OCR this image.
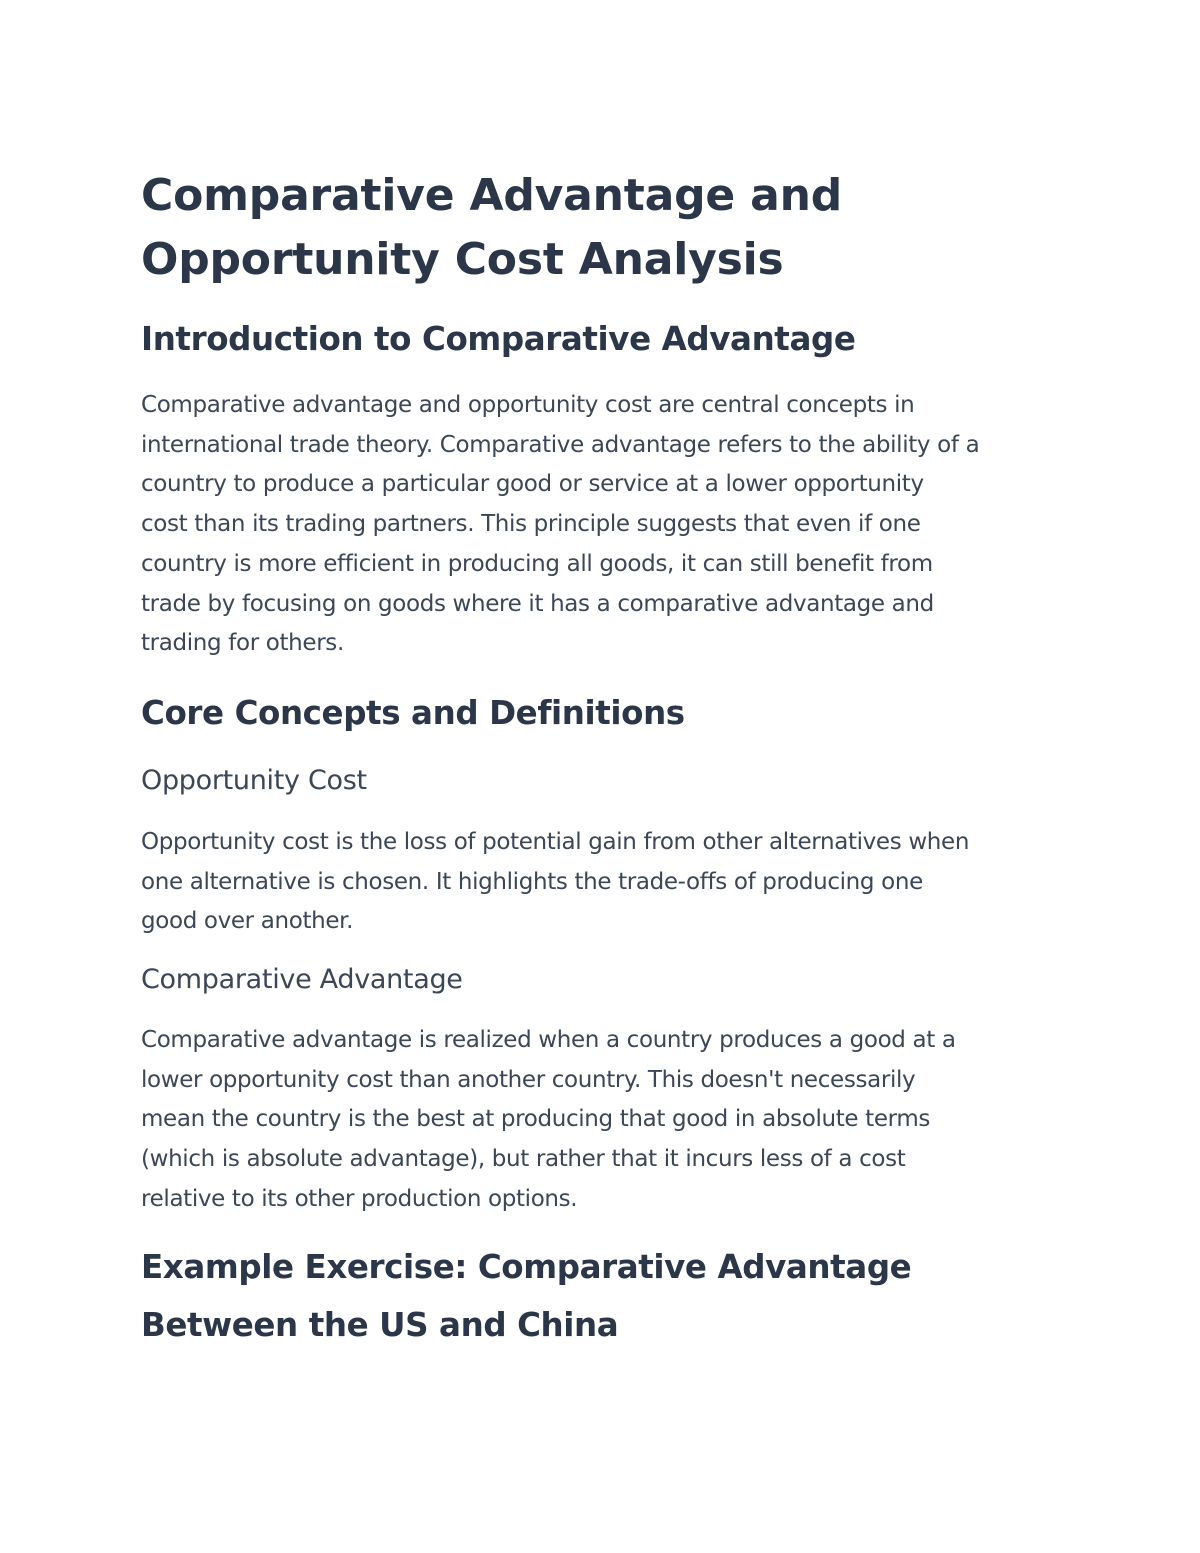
Comparative Advantage and
Opportunity Cost Analysis
Introduction to Comparative Advantage

Comparative advantage and opportunity cost are central concepts in
international trade theory. Comparative advantage refers to the ability of a
country to produce a particular good or service at a lower opportunity
cost than its trading partners. This principle suggests that even if one
country is more efficient in producing all goods, it can still benefit from
trade by focusing on goods where it has a comparative advantage and
trading for others.

Core Concepts and Definitions
Opportunity Cost

Opportunity cost is the loss of potential gain from other alternatives when
one alternative is chosen. It highlights the trade-offs of producing one
good over another.

Comparative Advantage

Comparative advantage is realized when a country produces a good at a
lower opportunity cost than another country. This doesn't necessarily
mean the country is the best at producing that good in absolute terms
(which is absolute advantage), but rather that it incurs less of a cost
relative to its other production options.

Example Exercise: Comparative Advantage
Between the US and China
